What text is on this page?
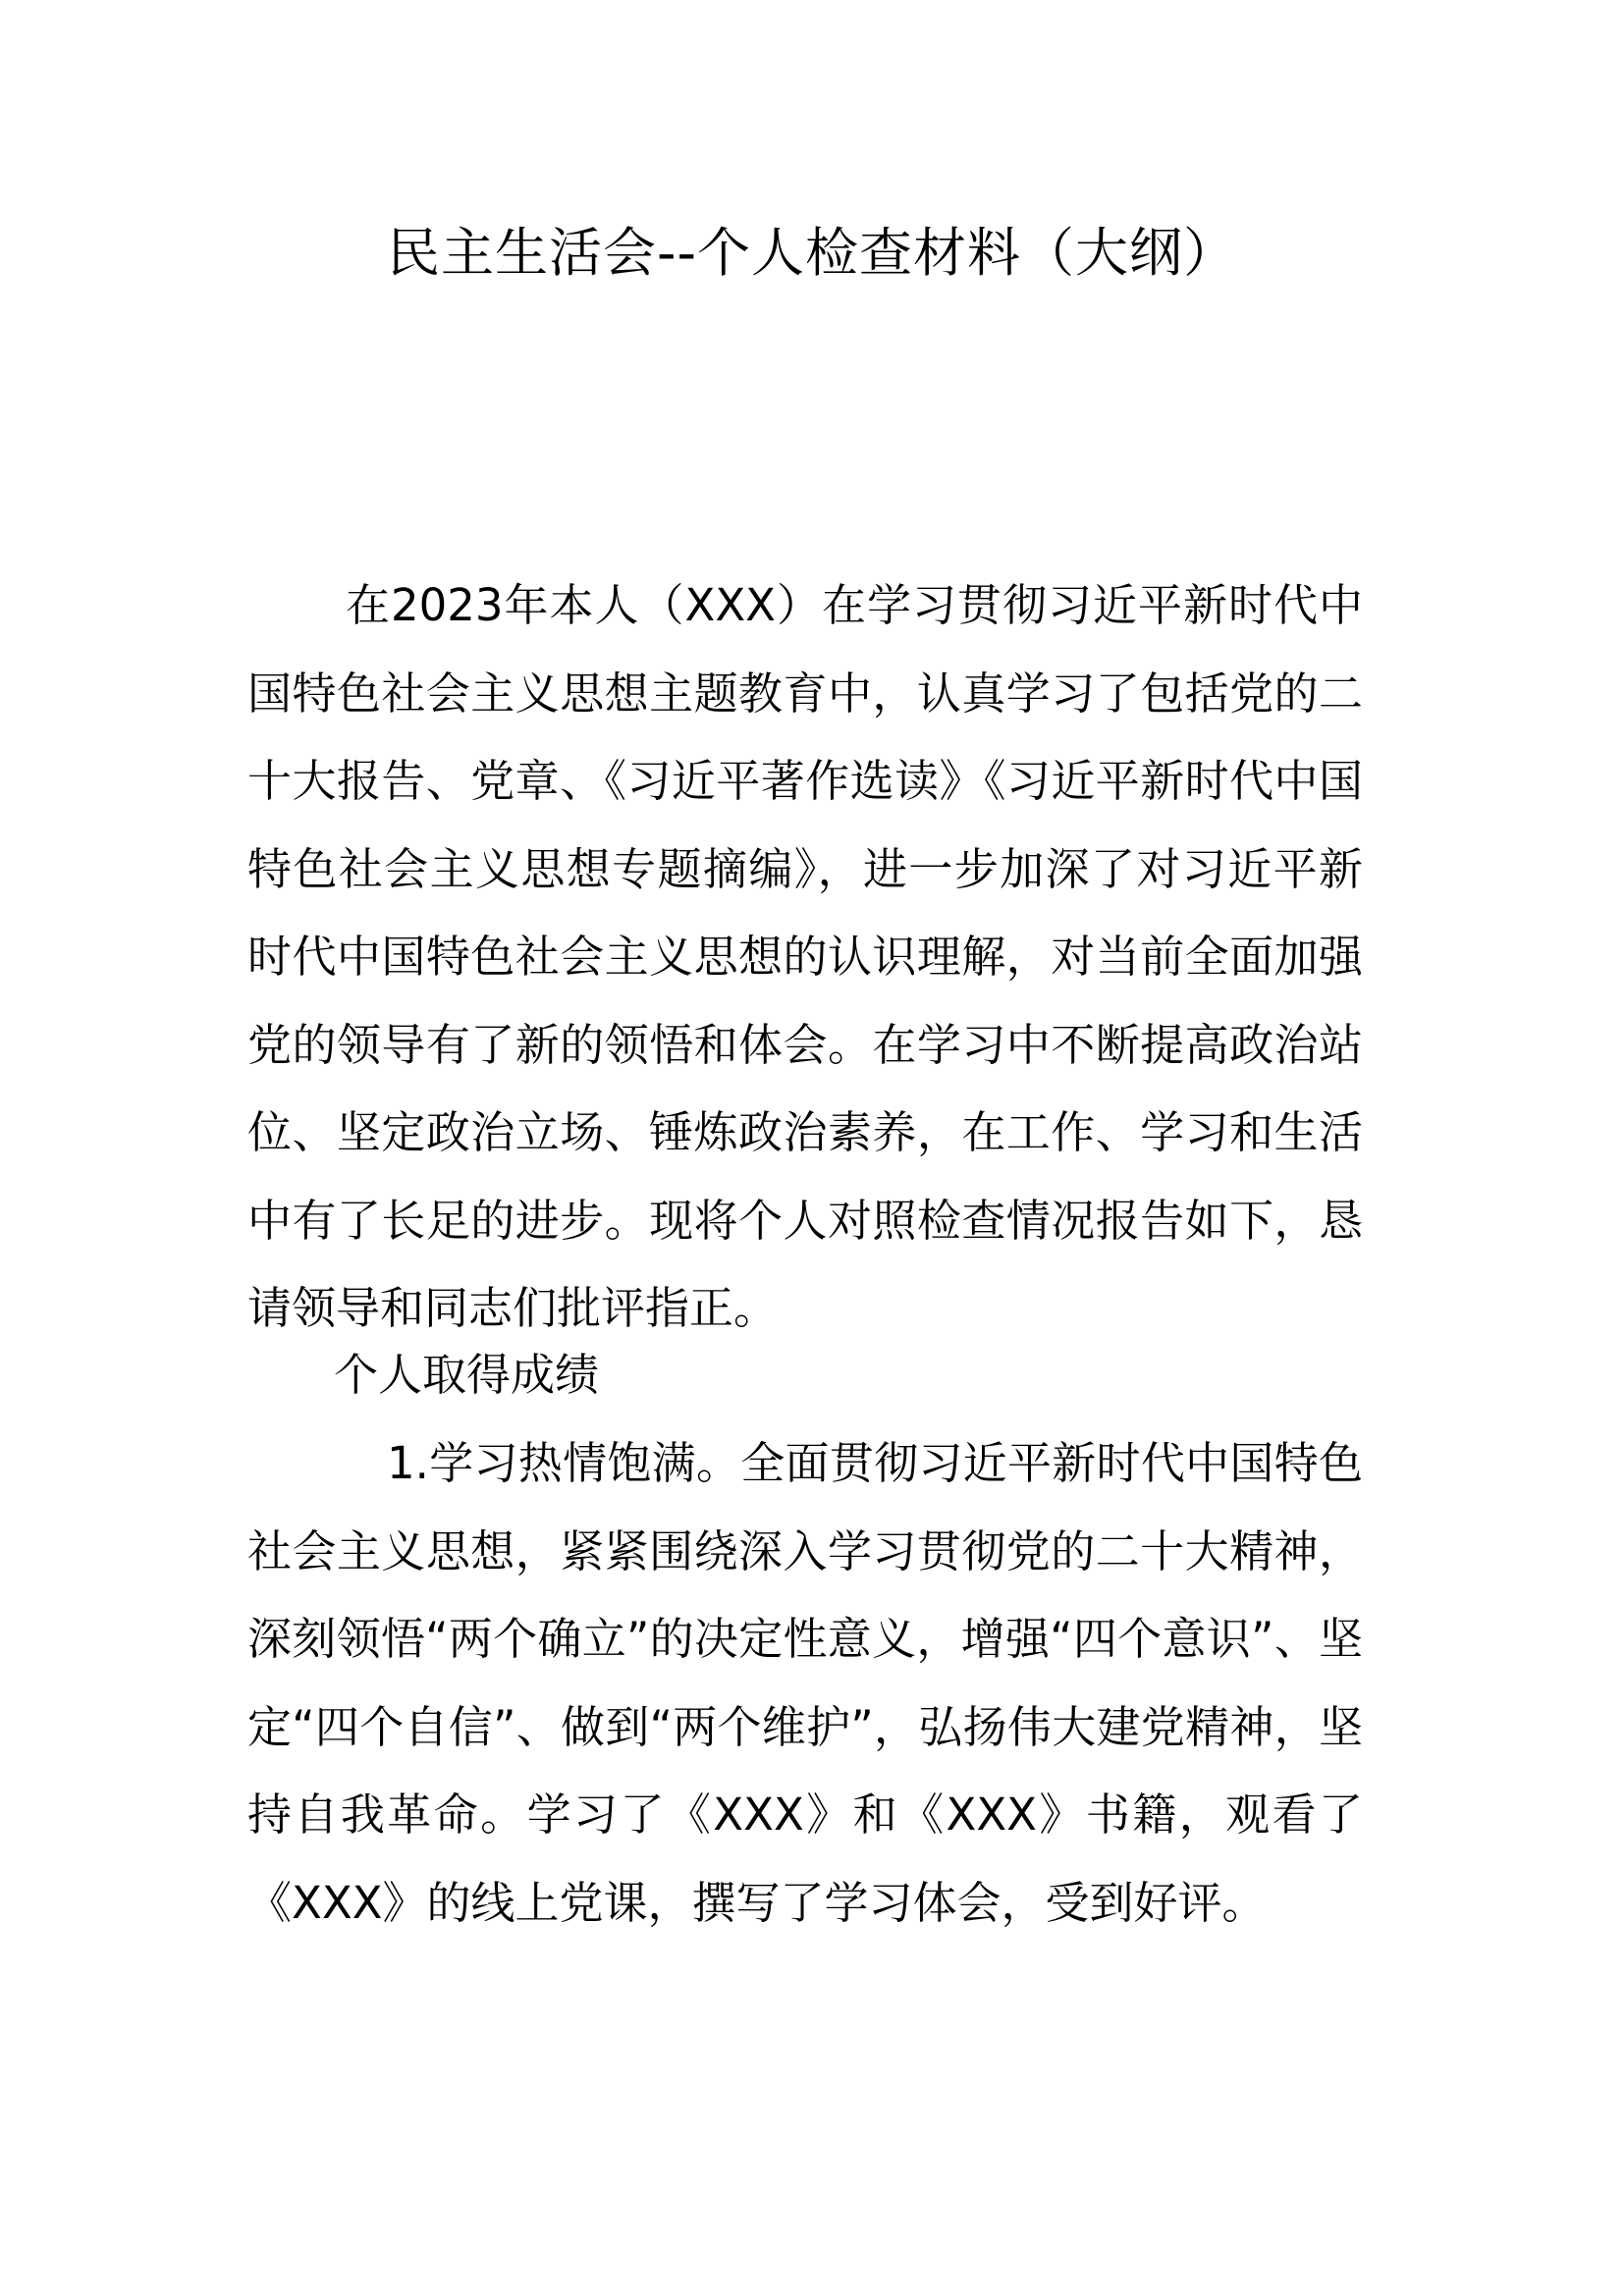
民主生活会--个人检查材料（大纲）

在2023年本人（XXX）在学习贯彻习近平新时代中国特色社会主义思想主题教育中，认真学习了包括党的二十大报告、党章、《习近平著作选读》《习近平新时代中国特色社会主义思想专题摘编》，进一步加深了对习近平新时代中国特色社会主义思想的认识理解，对当前全面加强党的领导有了新的领悟和体会。在学习中不断提高政治站位、坚定政治立场、锤炼政治素养，在工作、学习和生活中有了长足的进步。现将个人对照检查情况报告如下，恳请领导和同志们批评指正。

个人取得成绩

1.学习热情饱满。全面贯彻习近平新时代中国特色社会主义思想，紧紧围绕深入学习贯彻党的二十大精神，深刻领悟“两个确立”的决定性意义，增强“四个意识”、坚定“四个自信”、做到“两个维护”，弘扬伟大建党精神，坚持自我革命。学习了《XXX》和《XXX》书籍，观看了《XXX》的线上党课，撰写了学习体会，受到好评。
